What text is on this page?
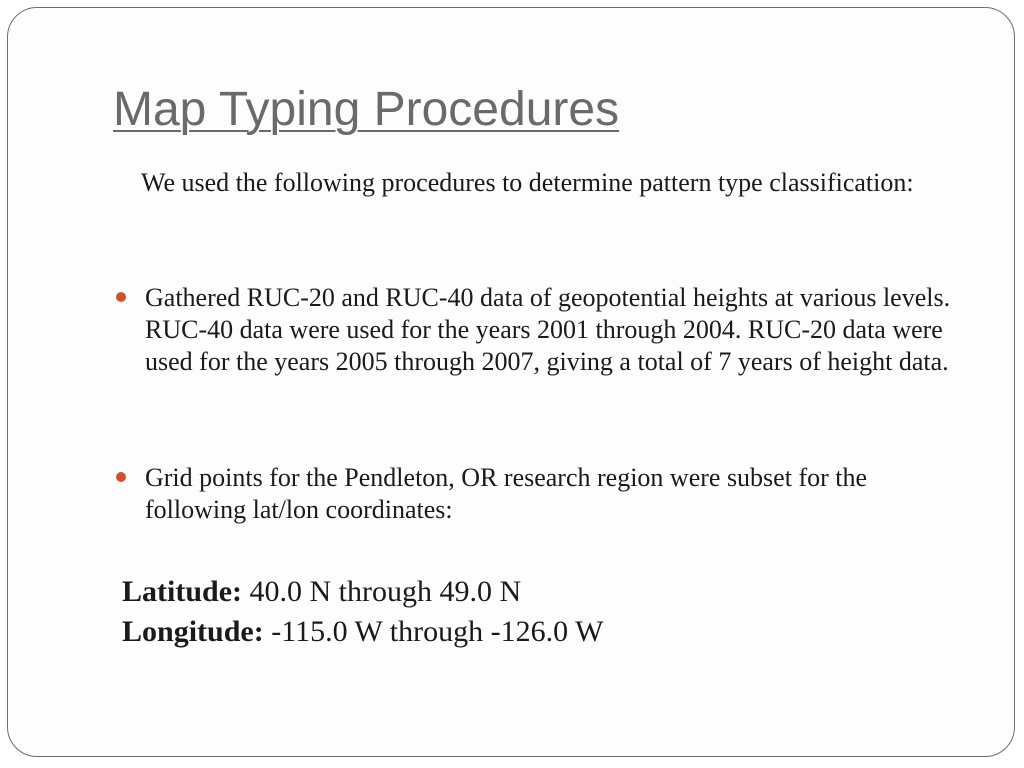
Map Typing Procedures
We used the following procedures to determine pattern type classification:
Gathered RUC-20 and RUC-40 data of geopotential heights at various levels. RUC-40 data were used for the years 2001 through 2004. RUC-20 data were used for the years 2005 through 2007, giving a total of 7 years of height data.
Grid points for the Pendleton, OR research region were subset for the following lat/lon coordinates:
Latitude: 40.0 N through 49.0 N
Longitude: -115.0 W through -126.0 W
